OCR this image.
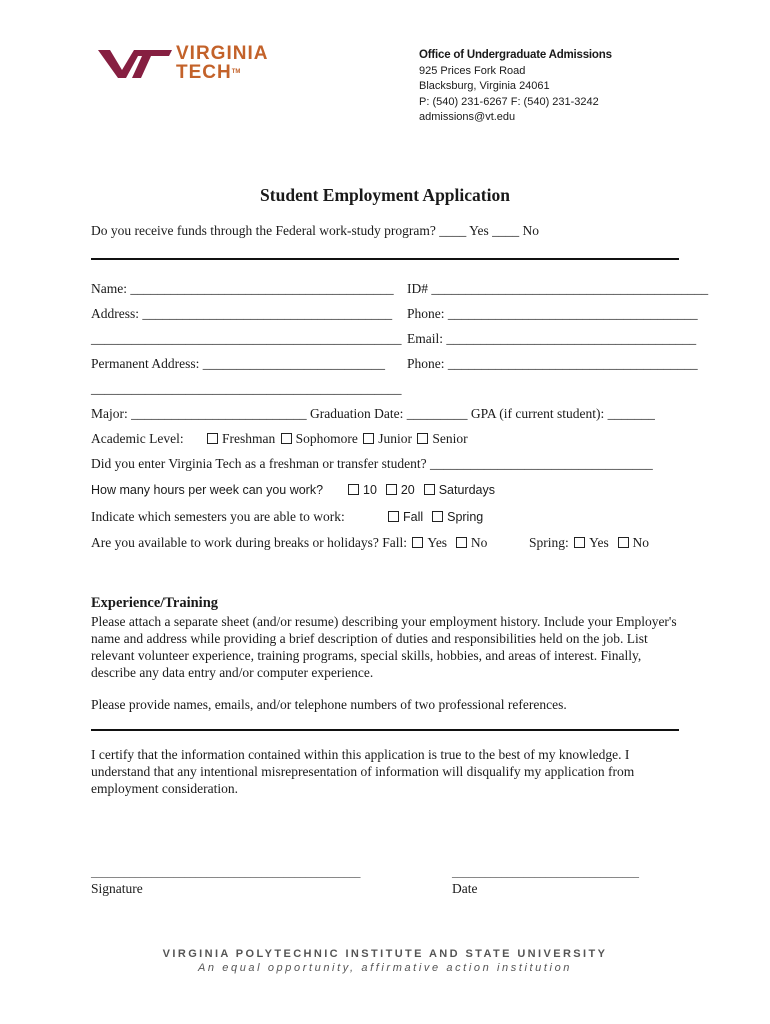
VIRGINIA
TECHTM
Office of Undergraduate Admissions
925 Prices Fork Road
Blacksburg, Virginia 24061
P: (540) 231-6267 F: (540) 231-3242
admissions@vt.edu
Student Employment Application
Do you receive funds through the Federal work-study program? ____ Yes ____ No
Name: _______________________________________ ID# _________________________________________
Address: _____________________________________ Phone: _____________________________________
______________________________________________ Email: _____________________________________
Permanent Address: ___________________________ Phone: _____________________________________
______________________________________________
Major: __________________________ Graduation Date: _________ GPA (if current student): _______
Academic Level:	Freshman Sophomore Junior Senior
Did you enter Virginia Tech as a freshman or transfer student? _________________________________
How many hours per week can you work?	10 20 Saturdays
Indicate which semesters you are able to work:	Fall Spring
Are you available to work during breaks or holidays? Fall: Yes No	Spring: Yes No
Experience/Training
Please attach a separate sheet (and/or resume) describing your employment history. Include your Employer's name and address while providing a brief description of duties and responsibilities held on the job. List relevant volunteer experience, training programs, special skills, hobbies, and areas of interest. Finally, describe any data entry and/or computer experience.
Please provide names, emails, and/or telephone numbers of two professional references.
I certify that the information contained within this application is true to the best of my knowledge. I understand that any intentional misrepresentation of information will disqualify my application from employment consideration.
_________________________________________________
Signature
__________________________________
Date
VIRGINIA POLYTECHNIC INSTITUTE AND STATE UNIVERSITY
An equal opportunity, affirmative action institution
